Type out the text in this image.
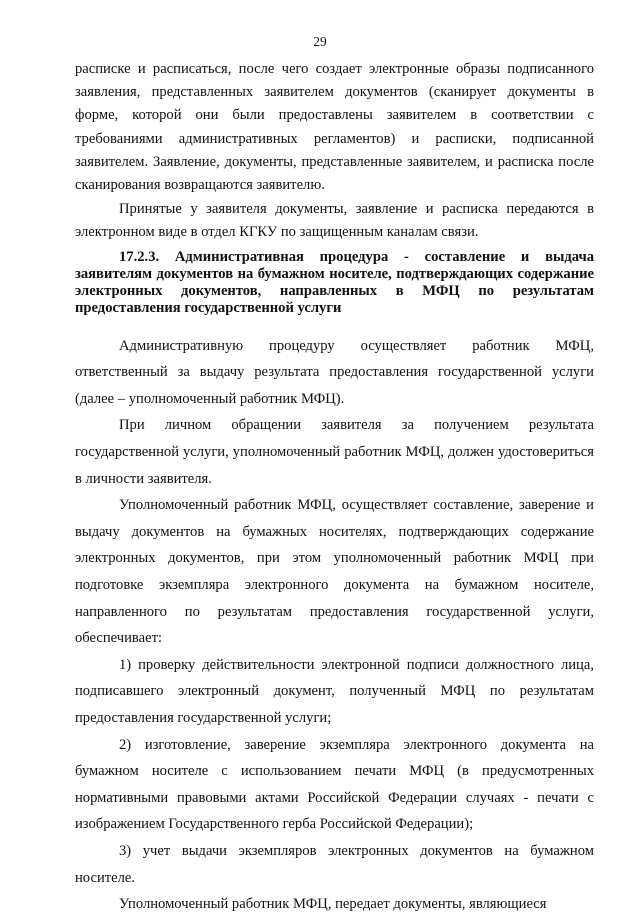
29

расписке и расписаться, после чего создает электронные образы подписанного заявления, представленных заявителем документов (сканирует документы в форме, которой они были предоставлены заявителем в соответствии с требованиями административных регламентов) и расписки, подписанной заявителем. Заявление, документы, представленные заявителем, и расписка после сканирования возвращаются заявителю.

Принятые у заявителя документы, заявление и расписка передаются в электронном виде в отдел КГКУ по защищенным каналам связи.

17.2.3. Административная процедура - составление и выдача заявителям документов на бумажном носителе, подтверждающих содержание электронных документов, направленных в МФЦ по результатам предоставления государственной услуги

Административную процедуру осуществляет работник МФЦ, ответственный за выдачу результата предоставления государственной услуги (далее – уполномоченный работник МФЦ).

При личном обращении заявителя за получением результата государственной услуги, уполномоченный работник МФЦ, должен удостовериться в личности заявителя.

Уполномоченный работник МФЦ, осуществляет составление, заверение и выдачу документов на бумажных носителях, подтверждающих содержание электронных документов, при этом уполномоченный работник МФЦ при подготовке экземпляра электронного документа на бумажном носителе, направленного по результатам предоставления государственной услуги, обеспечивает:

1) проверку действительности электронной подписи должностного лица, подписавшего электронный документ, полученный МФЦ по результатам предоставления государственной услуги;

2) изготовление, заверение экземпляра электронного документа на бумажном носителе с использованием печати МФЦ (в предусмотренных нормативными правовыми актами Российской Федерации случаях - печати с изображением Государственного герба Российской Федерации);

3) учет выдачи экземпляров электронных документов на бумажном носителе.

Уполномоченный работник МФЦ, передает документы, являющиеся
